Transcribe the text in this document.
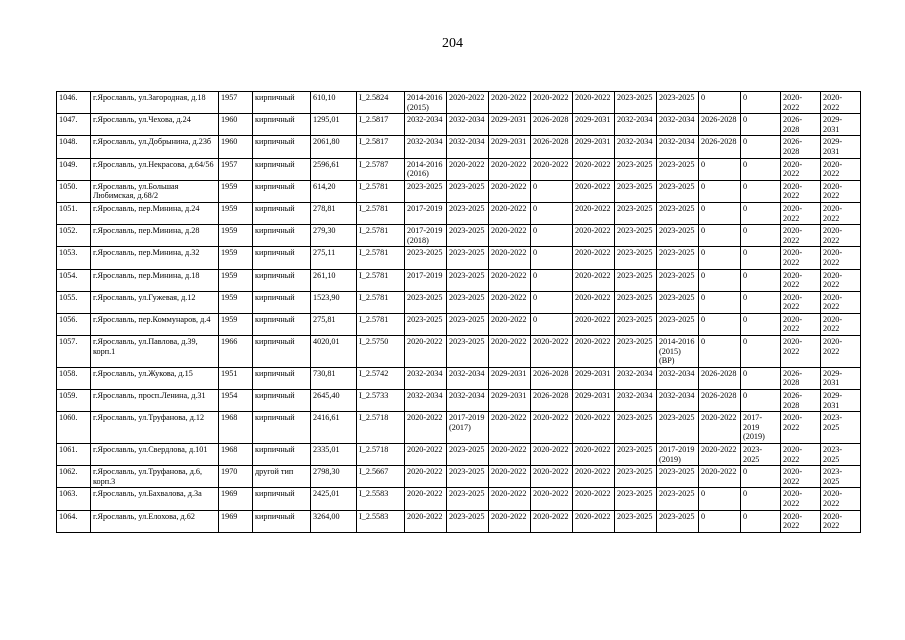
204
1046.	г.Ярославль, ул.Загородная, д.18	1957	кирпичный	610,10	I_2.5824	2014-2016 (2015)	2020-2022	2020-2022	2020-2022	2020-2022	2023-2025	2023-2025	0	0	2020-2022	2020-2022
1047.	г.Ярославль, ул.Чехова, д.24	1960	кирпичный	1295,01	I_2.5817	2032-2034	2032-2034	2029-2031	2026-2028	2029-2031	2032-2034	2032-2034	2026-2028	0	2026-2028	2029-2031
1048.	г.Ярославль, ул.Добрынина, д.23б	1960	кирпичный	2061,80	I_2.5817	2032-2034	2032-2034	2029-2031	2026-2028	2029-2031	2032-2034	2032-2034	2026-2028	0	2026-2028	2029-2031
1049.	г.Ярославль, ул.Некрасова, д.64/56	1957	кирпичный	2596,61	I_2.5787	2014-2016 (2016)	2020-2022	2020-2022	2020-2022	2020-2022	2023-2025	2023-2025	0	0	2020-2022	2020-2022
1050.	г.Ярославль, ул.Большая Любимская, д.68/2	1959	кирпичный	614,20	I_2.5781	2023-2025	2023-2025	2020-2022	0	2020-2022	2023-2025	2023-2025	0	0	2020-2022	2020-2022
1051.	г.Ярославль, пер.Минина, д.24	1959	кирпичный	278,81	I_2.5781	2017-2019	2023-2025	2020-2022	0	2020-2022	2023-2025	2023-2025	0	0	2020-2022	2020-2022
1052.	г.Ярославль, пер.Минина, д.28	1959	кирпичный	279,30	I_2.5781	2017-2019 (2018)	2023-2025	2020-2022	0	2020-2022	2023-2025	2023-2025	0	0	2020-2022	2020-2022
1053.	г.Ярославль, пер.Минина, д.32	1959	кирпичный	275,11	I_2.5781	2023-2025	2023-2025	2020-2022	0	2020-2022	2023-2025	2023-2025	0	0	2020-2022	2020-2022
1054.	г.Ярославль, пер.Минина, д.18	1959	кирпичный	261,10	I_2.5781	2017-2019	2023-2025	2020-2022	0	2020-2022	2023-2025	2023-2025	0	0	2020-2022	2020-2022
1055.	г.Ярославль, ул.Гужевая, д.12	1959	кирпичный	1523,90	I_2.5781	2023-2025	2023-2025	2020-2022	0	2020-2022	2023-2025	2023-2025	0	0	2020-2022	2020-2022
1056.	г.Ярославль, пер.Коммунаров, д.4	1959	кирпичный	275,81	I_2.5781	2023-2025	2023-2025	2020-2022	0	2020-2022	2023-2025	2023-2025	0	0	2020-2022	2020-2022
1057.	г.Ярославль, ул.Павлова, д.39, корп.1	1966	кирпичный	4020,01	I_2.5750	2020-2022	2023-2025	2020-2022	2020-2022	2020-2022	2023-2025	2014-2016 (2015) (ВР)	0	0	2020-2022	2020-2022
1058.	г.Ярославль, ул.Жукова, д.15	1951	кирпичный	730,81	I_2.5742	2032-2034	2032-2034	2029-2031	2026-2028	2029-2031	2032-2034	2032-2034	2026-2028	0	2026-2028	2029-2031
1059.	г.Ярославль, просп.Ленина, д.31	1954	кирпичный	2645,40	I_2.5733	2032-2034	2032-2034	2029-2031	2026-2028	2029-2031	2032-2034	2032-2034	2026-2028	0	2026-2028	2029-2031
1060.	г.Ярославль, ул.Труфанова, д.12	1968	кирпичный	2416,61	I_2.5718	2020-2022	2017-2019 (2017)	2020-2022	2020-2022	2020-2022	2023-2025	2023-2025	2020-2022	2017-2019 (2019)	2020-2022	2023-2025
1061.	г.Ярославль, ул.Свердлова, д.101	1968	кирпичный	2335,01	I_2.5718	2020-2022	2023-2025	2020-2022	2020-2022	2020-2022	2023-2025	2017-2019 (2019)	2020-2022	2023-2025	2020-2022	2023-2025
1062.	г.Ярославль, ул.Труфанова, д.6, корп.3	1970	другой тип	2798,30	I_2.5667	2020-2022	2023-2025	2020-2022	2020-2022	2020-2022	2023-2025	2023-2025	2020-2022	0	2020-2022	2023-2025
1063.	г.Ярославль, ул.Бахвалова, д.3а	1969	кирпичный	2425,01	I_2.5583	2020-2022	2023-2025	2020-2022	2020-2022	2020-2022	2023-2025	2023-2025	0	0	2020-2022	2020-2022
1064.	г.Ярославль, ул.Елохова, д.62	1969	кирпичный	3264,00	I_2.5583	2020-2022	2023-2025	2020-2022	2020-2022	2020-2022	2023-2025	2023-2025	0	0	2020-2022	2020-2022
